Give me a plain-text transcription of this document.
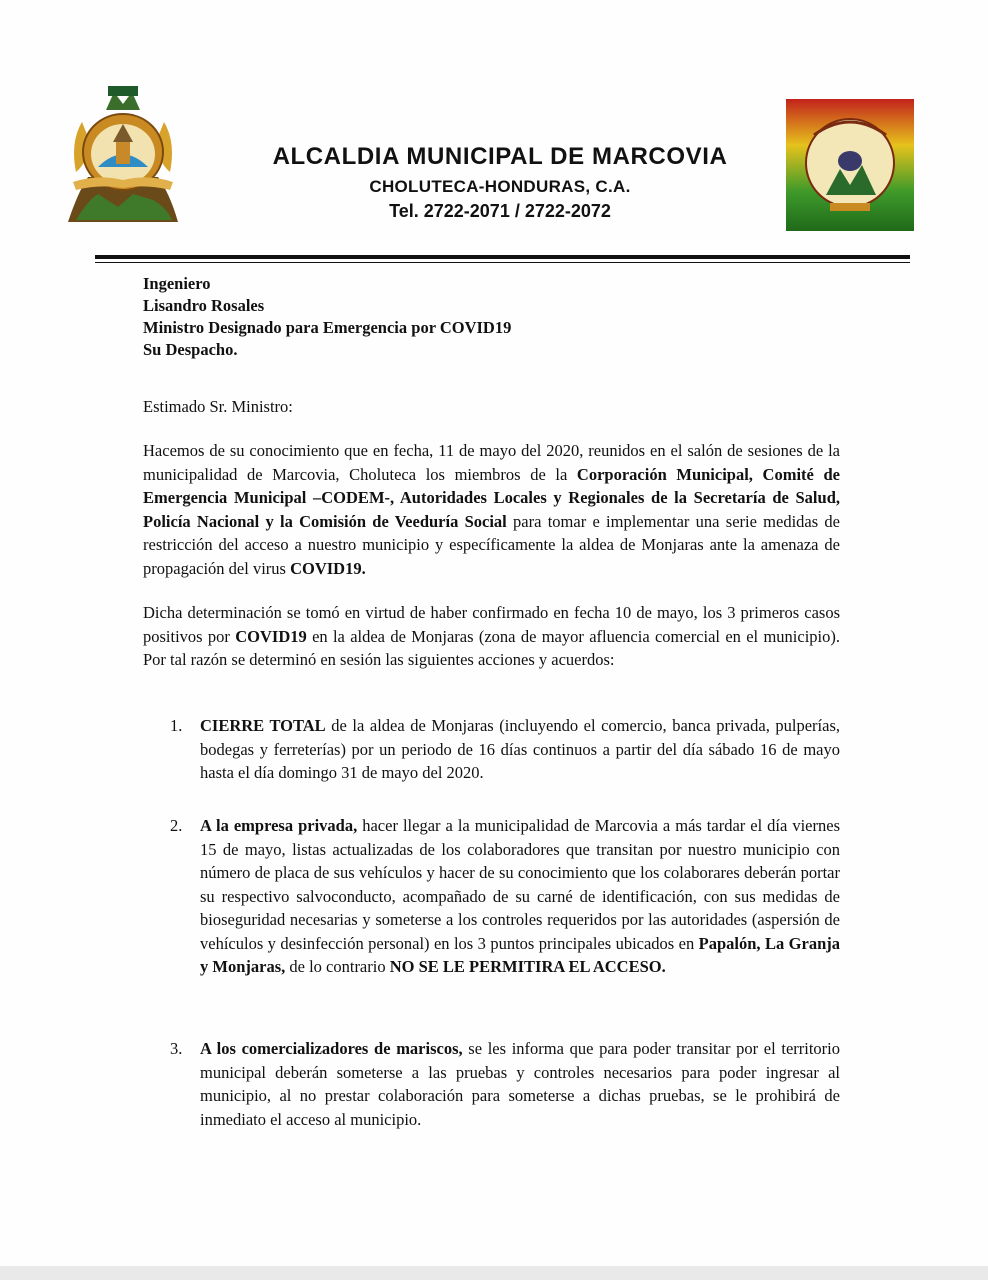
ALCALDIA MUNICIPAL DE MARCOVIA
CHOLUTECA-HONDURAS, C.A.
Tel. 2722-2071 / 2722-2072
Ingeniero
Lisandro Rosales
Ministro Designado para Emergencia por COVID19
Su Despacho.
Estimado Sr. Ministro:
Hacemos de su conocimiento que en fecha, 11 de mayo del 2020, reunidos en el salón de sesiones de la municipalidad de Marcovia, Choluteca los miembros de la Corporación Municipal, Comité de Emergencia Municipal –CODEM-, Autoridades Locales y Regionales de la Secretaría de Salud, Policía Nacional y la Comisión de Veeduría Social para tomar e implementar una serie medidas de restricción del acceso a nuestro municipio y específicamente la aldea de Monjaras ante la amenaza de propagación del virus COVID19.
Dicha determinación se tomó en virtud de haber confirmado en fecha 10 de mayo, los 3 primeros casos positivos por COVID19 en la aldea de Monjaras (zona de mayor afluencia comercial en el municipio). Por tal razón se determinó en sesión las siguientes acciones y acuerdos:
1. CIERRE TOTAL de la aldea de Monjaras (incluyendo el comercio, banca privada, pulperías, bodegas y ferreterías) por un periodo de 16 días continuos a partir del día sábado 16 de mayo hasta el día domingo 31 de mayo del 2020.
2. A la empresa privada, hacer llegar a la municipalidad de Marcovia a más tardar el día viernes 15 de mayo, listas actualizadas de los colaboradores que transitan por nuestro municipio con número de placa de sus vehículos y hacer de su conocimiento que los colaborares deberán portar su respectivo salvoconducto, acompañado de su carné de identificación, con sus medidas de bioseguridad necesarias y someterse a los controles requeridos por las autoridades (aspersión de vehículos y desinfección personal) en los 3 puntos principales ubicados en Papalón, La Granja y Monjaras, de lo contrario NO SE LE PERMITIRA EL ACCESO.
3. A los comercializadores de mariscos, se les informa que para poder transitar por el territorio municipal deberán someterse a las pruebas y controles necesarios para poder ingresar al municipio, al no prestar colaboración para someterse a dichas pruebas, se le prohibirá de inmediato el acceso al municipio.
